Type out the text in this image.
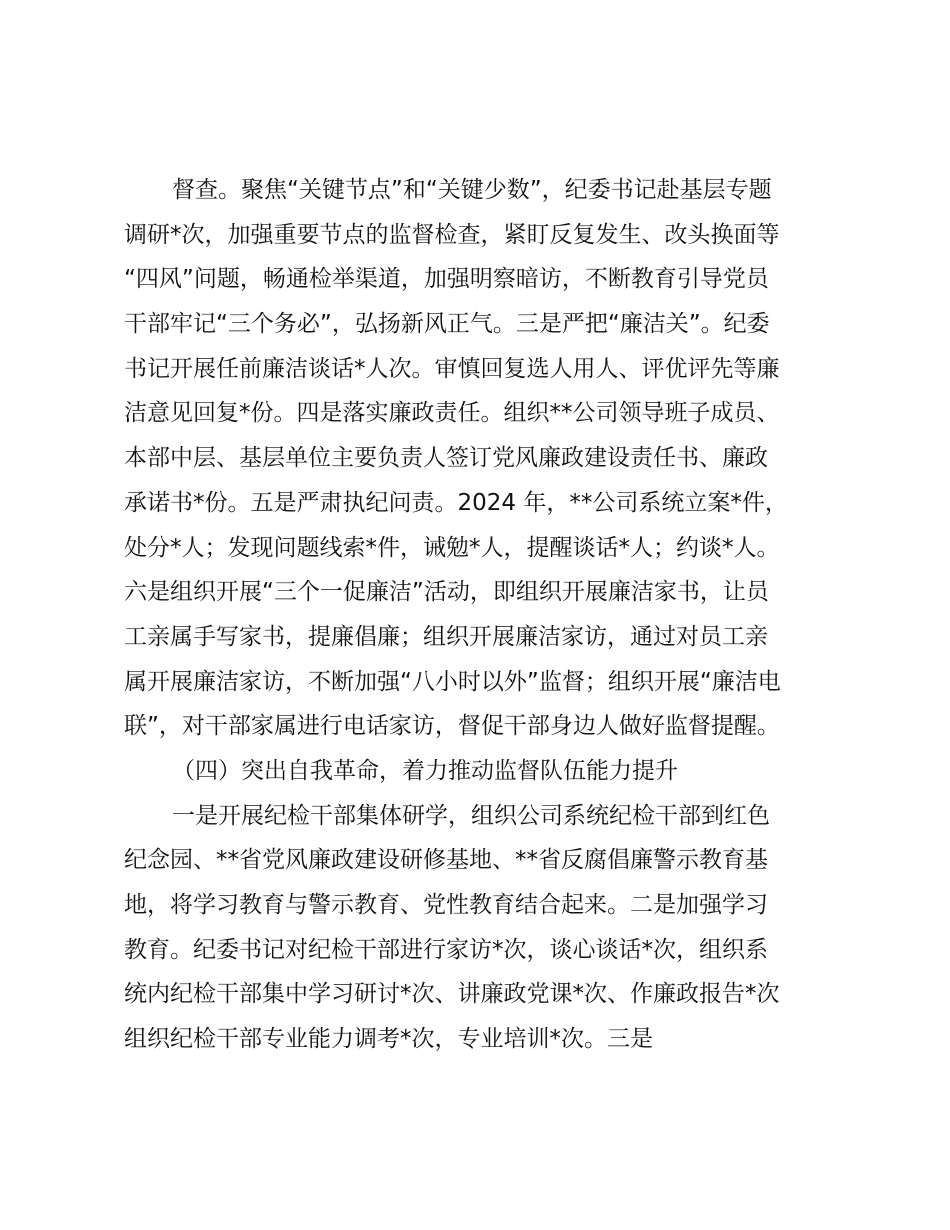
督查。聚焦“关键节点”和“关键少数”，纪委书记赴基层专题
调研*次，加强重要节点的监督检查，紧盯反复发生、改头换面等
“四风”问题，畅通检举渠道，加强明察暗访，不断教育引导党员
干部牢记“三个务必”，弘扬新风正气。三是严把“廉洁关”。纪委
书记开展任前廉洁谈话*人次。审慎回复选人用人、评优评先等廉
洁意见回复*份。四是落实廉政责任。组织**公司领导班子成员、
本部中层、基层单位主要负责人签订党风廉政建设责任书、廉政
承诺书*份。五是严肃执纪问责。2024 年，**公司系统立案*件，
处分*人；发现问题线索*件，诫勉*人，提醒谈话*人；约谈*人。
六是组织开展“三个一促廉洁”活动，即组织开展廉洁家书，让员
工亲属手写家书，提廉倡廉；组织开展廉洁家访，通过对员工亲
属开展廉洁家访，不断加强“八小时以外”监督；组织开展“廉洁电
联”，对干部家属进行电话家访，督促干部身边人做好监督提醒。
（四）突出自我革命，着力推动监督队伍能力提升
一是开展纪检干部集体研学，组织公司系统纪检干部到红色
纪念园、**省党风廉政建设研修基地、**省反腐倡廉警示教育基
地，将学习教育与警示教育、党性教育结合起来。二是加强学习
教育。纪委书记对纪检干部进行家访*次，谈心谈话*次，组织系
统内纪检干部集中学习研讨*次、讲廉政党课*次、作廉政报告*次
组织纪检干部专业能力调考*次，专业培训*次。三是
